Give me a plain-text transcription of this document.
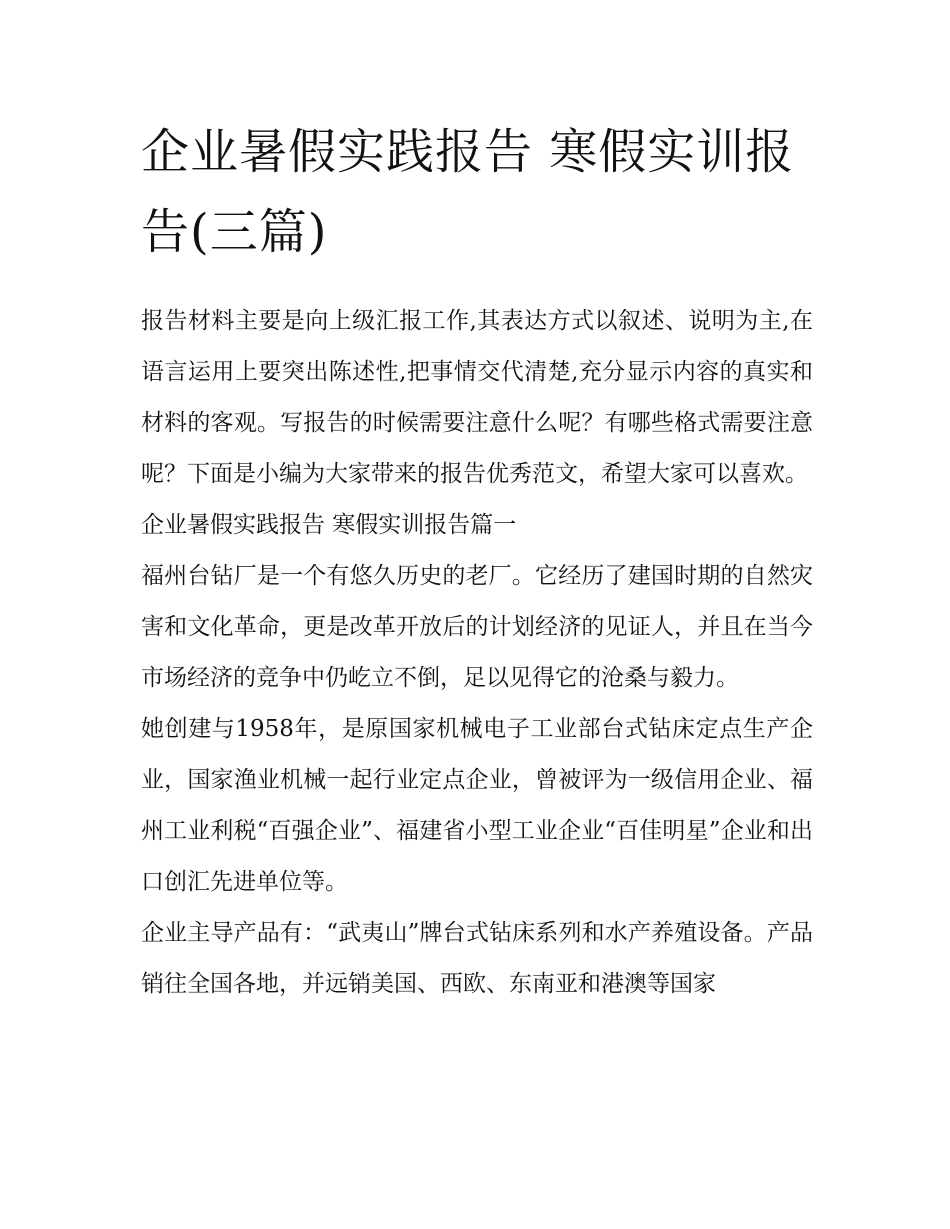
企业暑假实践报告 寒假实训报告(三篇)

报告材料主要是向上级汇报工作,其表达方式以叙述、说明为主,在语言运用上要突出陈述性,把事情交代清楚,充分显示内容的真实和材料的客观。写报告的时候需要注意什么呢？有哪些格式需要注意呢？下面是小编为大家带来的报告优秀范文，希望大家可以喜欢。

企业暑假实践报告 寒假实训报告篇一

福州台钻厂是一个有悠久历史的老厂。它经历了建国时期的自然灾害和文化革命，更是改革开放后的计划经济的见证人，并且在当今市场经济的竞争中仍屹立不倒，足以见得它的沧桑与毅力。

她创建与1958年，是原国家机械电子工业部台式钻床定点生产企业，国家渔业机械一起行业定点企业，曾被评为一级信用企业、福州工业利税“百强企业”、福建省小型工业企业“百佳明星”企业和出口创汇先进单位等。

企业主导产品有：“武夷山”牌台式钻床系列和水产养殖设备。产品销往全国各地，并远销美国、西欧、东南亚和港澳等国家
